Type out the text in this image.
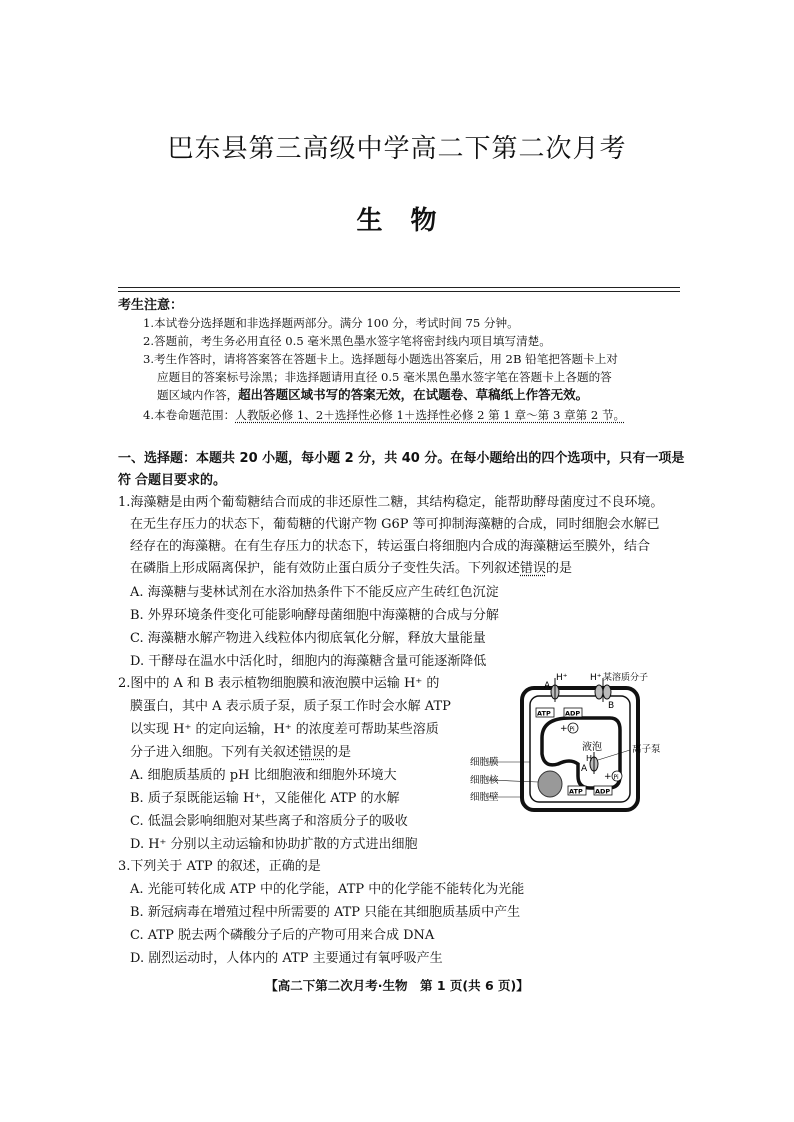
巴东县第三高级中学高二下第二次月考
生　物
考生注意：
1.本试卷分选择题和非选择题两部分。满分 100 分，考试时间 75 分钟。
2.答题前，考生务必用直径 0.5 毫米黑色墨水签字笔将密封线内项目填写清楚。
3.考生作答时，请将答案答在答题卡上。选择题每小题选出答案后，用 2B 铅笔把答题卡上对
应题目的答案标号涂黑；非选择题请用直径 0.5 毫米黑色墨水签字笔在答题卡上各题的答
题区域内作答，超出答题区域书写的答案无效，在试题卷、草稿纸上作答无效。
4.本卷命题范围：人教版必修 1、2＋选择性必修 1＋选择性必修 2 第 1 章～第 3 章第 2 节。
一、选择题：本题共 20 小题，每小题 2 分，共 40 分。在每小题给出的四个选项中，只有一项是符 合题目要求的。
1.海藻糖是由两个葡萄糖结合而成的非还原性二糖，其结构稳定，能帮助酵母菌度过不良环境。
在无生存压力的状态下，葡萄糖的代谢产物 G6P 等可抑制海藻糖的合成，同时细胞会水解已
经存在的海藻糖。在有生存压力的状态下，转运蛋白将细胞内合成的海藻糖运至膜外，结合
在磷脂上形成隔离保护，能有效防止蛋白质分子变性失活。下列叙述错误的是
A. 海藻糖与斐林试剂在水浴加热条件下不能反应产生砖红色沉淀
B. 外界环境条件变化可能影响酵母菌细胞中海藻糖的合成与分解
C. 海藻糖水解产物进入线粒体内彻底氧化分解，释放大量能量
D. 干酵母在温水中活化时，细胞内的海藻糖含量可能逐渐降低
2.图中的 A 和 B 表示植物细胞膜和液泡膜中运输 H⁺ 的
膜蛋白，其中 A 表示质子泵，质子泵工作时会水解 ATP
以实现 H⁺ 的定向运输，H⁺ 的浓度差可帮助某些溶质
分子进入细胞。下列有关叙述错误的是
A. 细胞质基质的 pH 比细胞液和细胞外环境大
B. 质子泵既能运输 H⁺，又能催化 ATP 的水解
C. 低温会影响细胞对某些离子和溶质分子的吸收
D. H⁺ 分别以主动运输和协助扩散的方式进出细胞
A
H⁺ H⁺ 某溶质分子
B
ATP ADP
Pi
+
液泡
H⁺
A
离子泵
细胞膜
细胞核
细胞壁
ATP ADP
Pi
+
3.下列关于 ATP 的叙述，正确的是
A. 光能可转化成 ATP 中的化学能，ATP 中的化学能不能转化为光能
B. 新冠病毒在增殖过程中所需要的 ATP 只能在其细胞质基质中产生
C. ATP 脱去两个磷酸分子后的产物可用来合成 DNA
D. 剧烈运动时，人体内的 ATP 主要通过有氧呼吸产生
【高二下第二次月考·生物　第 1 页(共 6 页)】
